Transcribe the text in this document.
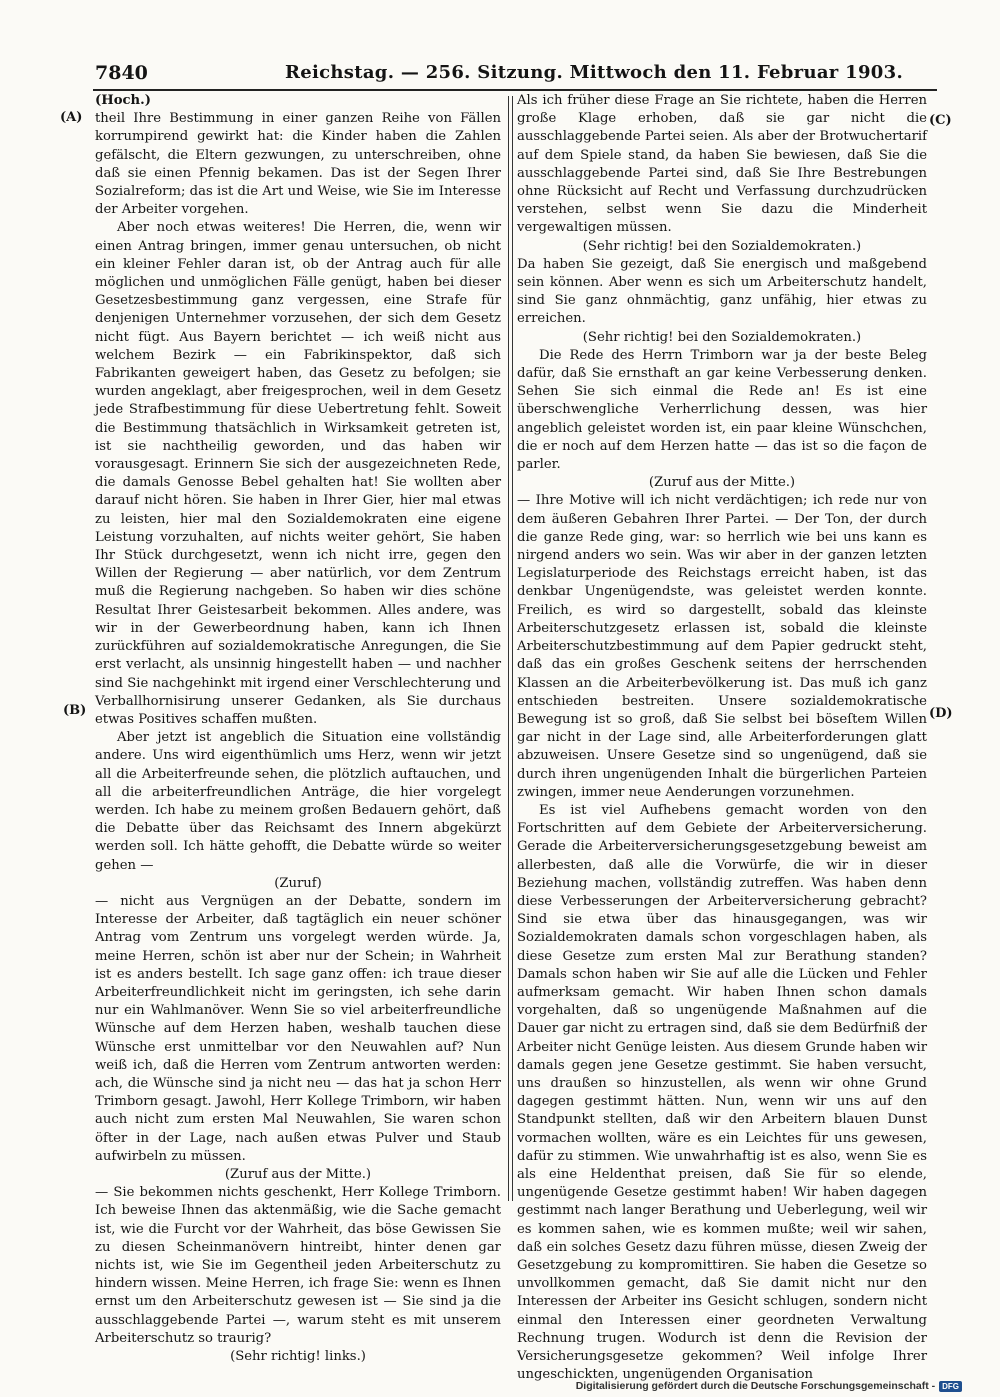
7840	Reichstag. — 256. Sitzung. Mittwoch den 11. Februar 1903.
(A)
(B)
(C)
(D)

(Hoch.)

theil Ihre Bestimmung in einer ganzen Reihe von Fällen korrumpirend gewirkt hat: die Kinder haben die Zahlen gefälscht, die Eltern gezwungen, zu unterschreiben, ohne daß sie einen Pfennig bekamen. Das ist der Segen Ihrer Sozialreform; das ist die Art und Weise, wie Sie im Interesse der Arbeiter vorgehen.

Aber noch etwas weiteres! Die Herren, die, wenn wir einen Antrag bringen, immer genau untersuchen, ob nicht ein kleiner Fehler daran ist, ob der Antrag auch für alle möglichen und unmöglichen Fälle genügt, haben bei dieser Gesetzesbestimmung ganz vergessen, eine Strafe für denjenigen Unternehmer vorzusehen, der sich dem Gesetz nicht fügt. Aus Bayern berichtet — ich weiß nicht aus welchem Bezirk — ein Fabrikinspektor, daß sich Fabrikanten geweigert haben, das Gesetz zu befolgen; sie wurden angeklagt, aber freigesprochen, weil in dem Gesetz jede Strafbestimmung für diese Uebertretung fehlt. Soweit die Bestimmung thatsächlich in Wirksamkeit getreten ist, ist sie nachtheilig geworden, und das haben wir vorausgesagt. Erinnern Sie sich der ausgezeichneten Rede, die damals Genosse Bebel gehalten hat! Sie wollten aber darauf nicht hören. Sie haben in Ihrer Gier, hier mal etwas zu leisten, hier mal den Sozialdemokraten eine eigene Leistung vorzuhalten, auf nichts weiter gehört, Sie haben Ihr Stück durchgesetzt, wenn ich nicht irre, gegen den Willen der Regierung — aber natürlich, vor dem Zentrum muß die Regierung nachgeben. So haben wir dies schöne Resultat Ihrer Geistesarbeit bekommen. Alles andere, was wir in der Gewerbeordnung haben, kann ich Ihnen zurückführen auf sozialdemokratische Anregungen, die Sie erst verlacht, als unsinnig hingestellt haben — und nachher sind Sie nachgehinkt mit irgend einer Verschlechterung und Verballhornisirung unserer Gedanken, als Sie durchaus etwas Positives schaffen mußten.

Aber jetzt ist angeblich die Situation eine vollständig andere. Uns wird eigenthümlich ums Herz, wenn wir jetzt all die Arbeiterfreunde sehen, die plötzlich auftauchen, und all die arbeiterfreundlichen Anträge, die hier vorgelegt werden. Ich habe zu meinem großen Bedauern gehört, daß die Debatte über das Reichsamt des Innern abgekürzt werden soll. Ich hätte gehofft, die Debatte würde so weiter gehen —

(Zuruf)

— nicht aus Vergnügen an der Debatte, sondern im Interesse der Arbeiter, daß tagtäglich ein neuer schöner Antrag vom Zentrum uns vorgelegt werden würde. Ja, meine Herren, schön ist aber nur der Schein; in Wahrheit ist es anders bestellt. Ich sage ganz offen: ich traue dieser Arbeiterfreundlichkeit nicht im geringsten, ich sehe darin nur ein Wahlmanöver. Wenn Sie so viel arbeiterfreundliche Wünsche auf dem Herzen haben, weshalb tauchen diese Wünsche erst unmittelbar vor den Neuwahlen auf? Nun weiß ich, daß die Herren vom Zentrum antworten werden: ach, die Wünsche sind ja nicht neu — das hat ja schon Herr Trimborn gesagt. Jawohl, Herr Kollege Trimborn, wir haben auch nicht zum ersten Mal Neuwahlen, Sie waren schon öfter in der Lage, nach außen etwas Pulver und Staub aufwirbeln zu müssen.

(Zuruf aus der Mitte.)

— Sie bekommen nichts geschenkt, Herr Kollege Trimborn. Ich beweise Ihnen das aktenmäßig, wie die Sache gemacht ist, wie die Furcht vor der Wahrheit, das böse Gewissen Sie zu diesen Scheinmanövern hintreibt, hinter denen gar nichts ist, wie Sie im Gegentheil jeden Arbeiterschutz zu hindern wissen. Meine Herren, ich frage Sie: wenn es Ihnen ernst um den Arbeiterschutz gewesen ist — Sie sind ja die ausschlaggebende Partei —, warum steht es mit unserem Arbeiterschutz so traurig?

(Sehr richtig! links.)

Als ich früher diese Frage an Sie richtete, haben die Herren große Klage erhoben, daß sie gar nicht die ausschlaggebende Partei seien. Als aber der Brotwuchertarif auf dem Spiele stand, da haben Sie bewiesen, daß Sie die ausschlaggebende Partei sind, daß Sie Ihre Bestrebungen ohne Rücksicht auf Recht und Verfassung durchzudrücken verstehen, selbst wenn Sie dazu die Minderheit vergewaltigen müssen.

(Sehr richtig! bei den Sozialdemokraten.)

Da haben Sie gezeigt, daß Sie energisch und maßgebend sein können. Aber wenn es sich um Arbeiterschutz handelt, sind Sie ganz ohnmächtig, ganz unfähig, hier etwas zu erreichen.

(Sehr richtig! bei den Sozialdemokraten.)

Die Rede des Herrn Trimborn war ja der beste Beleg dafür, daß Sie ernsthaft an gar keine Verbesserung denken. Sehen Sie sich einmal die Rede an! Es ist eine überschwengliche Verherrlichung dessen, was hier angeblich geleistet worden ist, ein paar kleine Wünschchen, die er noch auf dem Herzen hatte — das ist so die façon de parler.

(Zuruf aus der Mitte.)

— Ihre Motive will ich nicht verdächtigen; ich rede nur von dem äußeren Gebahren Ihrer Partei. — Der Ton, der durch die ganze Rede ging, war: so herrlich wie bei uns kann es nirgend anders wo sein. Was wir aber in der ganzen letzten Legislaturperiode des Reichstags erreicht haben, ist das denkbar Ungenügendste, was geleistet werden konnte. Freilich, es wird so dargestellt, sobald das kleinste Arbeiterschutzgesetz erlassen ist, sobald die kleinste Arbeiterschutzbestimmung auf dem Papier gedruckt steht, daß das ein großes Geschenk seitens der herrschenden Klassen an die Arbeiterbevölkerung ist. Das muß ich ganz entschieden bestreiten. Unsere sozialdemokratische Bewegung ist so groß, daß Sie selbst bei böseſtem Willen gar nicht in der Lage sind, alle Arbeiterforderungen glatt abzuweisen. Unsere Gesetze sind so ungenügend, daß sie durch ihren ungenügenden Inhalt die bürgerlichen Parteien zwingen, immer neue Aenderungen vorzunehmen.

Es ist viel Aufhebens gemacht worden von den Fortschritten auf dem Gebiete der Arbeiterversicherung. Gerade die Arbeiterversicherungsgesetzgebung beweist am allerbesten, daß alle die Vorwürfe, die wir in dieser Beziehung machen, vollständig zutreffen. Was haben denn diese Verbesserungen der Arbeiterversicherung gebracht? Sind sie etwa über das hinausgegangen, was wir Sozialdemokraten damals schon vorgeschlagen haben, als diese Gesetze zum ersten Mal zur Berathung standen? Damals schon haben wir Sie auf alle die Lücken und Fehler aufmerksam gemacht. Wir haben Ihnen schon damals vorgehalten, daß so ungenügende Maßnahmen auf die Dauer gar nicht zu ertragen sind, daß sie dem Bedürfniß der Arbeiter nicht Genüge leisten. Aus diesem Grunde haben wir damals gegen jene Gesetze gestimmt. Sie haben versucht, uns draußen so hinzustellen, als wenn wir ohne Grund dagegen gestimmt hätten. Nun, wenn wir uns auf den Standpunkt stellten, daß wir den Arbeitern blauen Dunst vormachen wollten, wäre es ein Leichtes für uns gewesen, dafür zu stimmen. Wie unwahrhaftig ist es also, wenn Sie es als eine Heldenthat preisen, daß Sie für so elende, ungenügende Gesetze gestimmt haben! Wir haben dagegen gestimmt nach langer Berathung und Ueberlegung, weil wir es kommen sahen, wie es kommen mußte; weil wir sahen, daß ein solches Gesetz dazu führen müsse, diesen Zweig der Gesetzgebung zu kompromittiren. Sie haben die Gesetze so unvollkommen gemacht, daß Sie damit nicht nur den Interessen der Arbeiter ins Gesicht schlugen, sondern nicht einmal den Interessen einer geordneten Verwaltung Rechnung trugen. Wodurch ist denn die Revision der Versicherungsgesetze gekommen? Weil infolge Ihrer ungeschickten, ungenügenden Organisation

Digitalisierung gefördert durch die Deutsche Forschungsgemeinschaft - DFG
